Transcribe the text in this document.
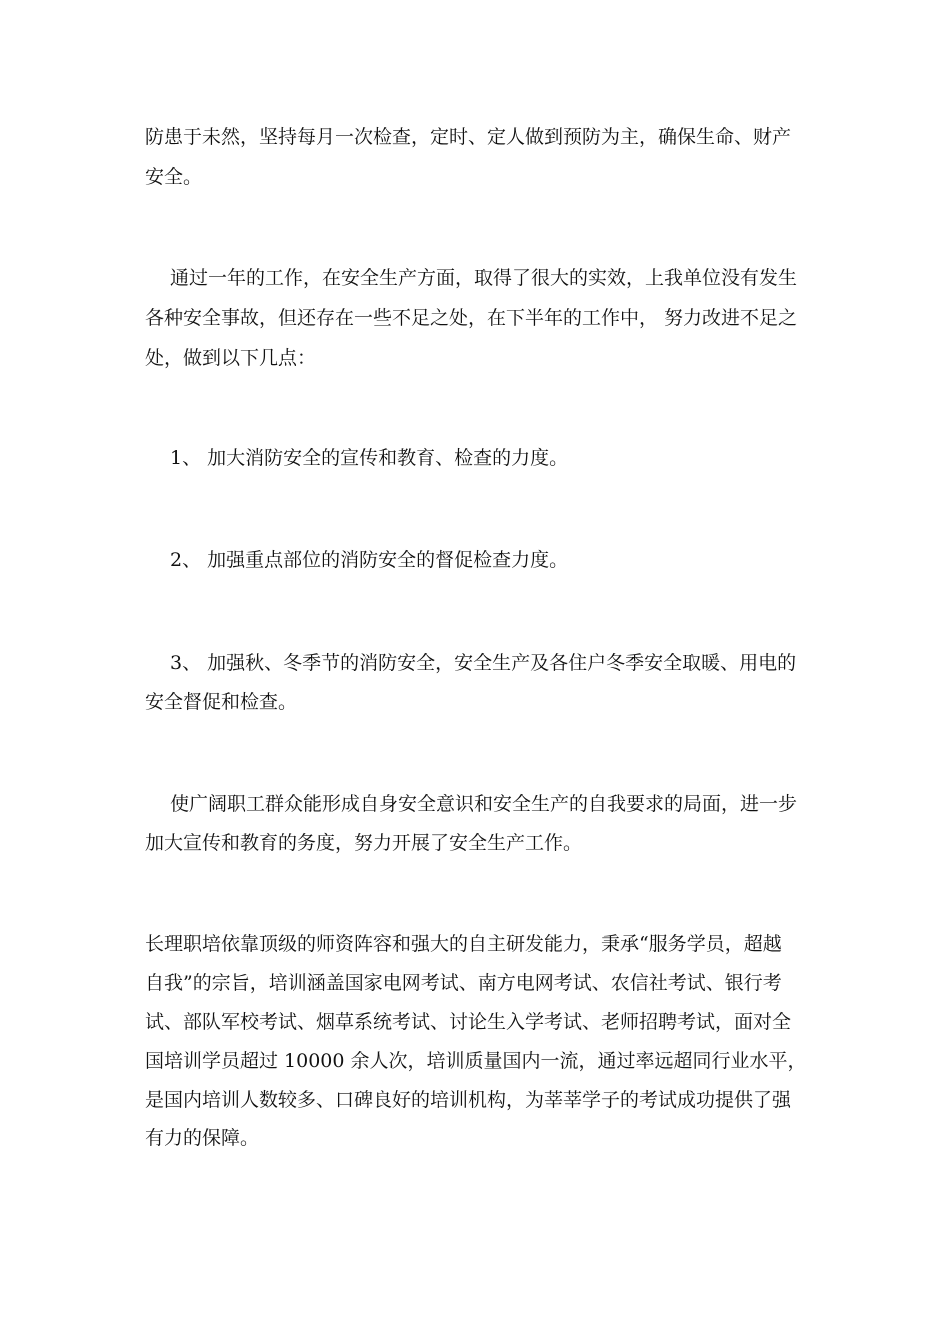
防患于未然，坚持每月一次检查，定时、定人做到预防为主，确保生命、财产
安全。
　 通过一年的工作，在安全生产方面，取得了很大的实效，上我单位没有发生
各种安全事故，但还存在一些不足之处，在下半年的工作中， 努力改进不足之
处，做到以下几点：
　 1、 加大消防安全的宣传和教育、检查的力度。
　 2、 加强重点部位的消防安全的督促检查力度。
　 3、 加强秋、冬季节的消防安全，安全生产及各住户冬季安全取暖、用电的
安全督促和检查。
　 使广阔职工群众能形成自身安全意识和安全生产的自我要求的局面，进一步
加大宣传和教育的务度，努力开展了安全生产工作。
长理职培依靠顶级的师资阵容和强大的自主研发能力，秉承“服务学员，超越
自我”的宗旨，培训涵盖国家电网考试、南方电网考试、农信社考试、银行考
试、部队军校考试、烟草系统考试、讨论生入学考试、老师招聘考试，面对全
国培训学员超过 10000 余人次，培训质量国内一流，通过率远超同行业水平，
是国内培训人数较多、口碑良好的培训机构，为莘莘学子的考试成功提供了强
有力的保障。
